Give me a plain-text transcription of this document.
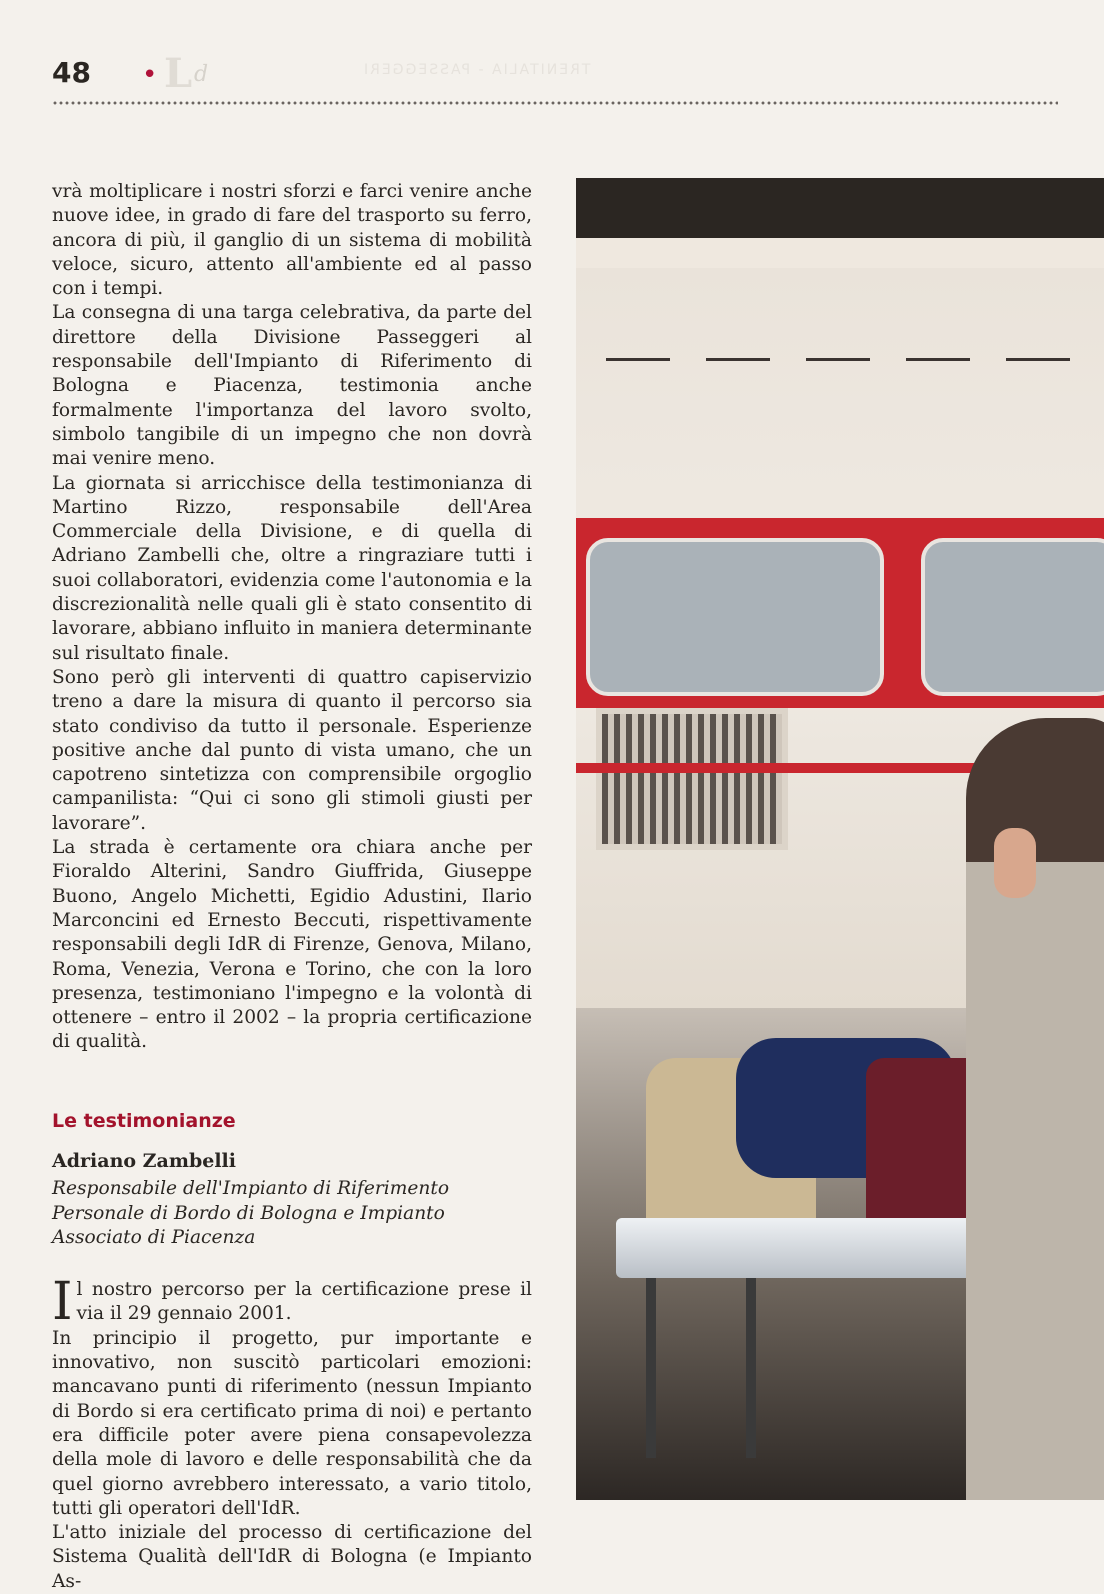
48 • L d	TRENITALIA - PASSEGGERI

vrà moltiplicare i nostri sforzi e farci venire anche nuove idee, in grado di fare del trasporto su ferro, ancora di più, il ganglio di un sistema di mobilità veloce, sicuro, attento all'ambiente ed al passo con i tempi.

La consegna di una targa celebrativa, da parte del direttore della Divisione Passeggeri al responsabile dell'Impianto di Riferimento di Bologna e Piacenza, testimonia anche formalmente l'importanza del lavoro svolto, simbolo tangibile di un impegno che non dovrà mai venire meno.

La giornata si arricchisce della testimonianza di Martino Rizzo, responsabile dell'Area Commerciale della Divisione, e di quella di Adriano Zambelli che, oltre a ringraziare tutti i suoi collaboratori, evidenzia come l'autonomia e la discrezionalità nelle quali gli è stato consentito di lavorare, abbiano influito in maniera determinante sul risultato finale.

Sono però gli interventi di quattro capiservizio treno a dare la misura di quanto il percorso sia stato condiviso da tutto il personale. Esperienze positive anche dal punto di vista umano, che un capotreno sintetizza con comprensibile orgoglio campanilista: “Qui ci sono gli stimoli giusti per lavorare”.

La strada è certamente ora chiara anche per Fioraldo Alterini, Sandro Giuffrida, Giuseppe Buono, Angelo Michetti, Egidio Adustini, Ilario Marconcini ed Ernesto Beccuti, rispettivamente responsabili degli IdR di Firenze, Genova, Milano, Roma, Venezia, Verona e Torino, che con la loro presenza, testimoniano l'impegno e la volontà di ottenere – entro il 2002 – la propria certificazione di qualità.

Le testimonianze
Adriano Zambelli
Responsabile dell'Impianto di Riferimento Personale di Bordo di Bologna e Impianto Associato di Piacenza

Il nostro percorso per la certificazione prese il via il 29 gennaio 2001.

In principio il progetto, pur importante e innovativo, non suscitò particolari emozioni: mancavano punti di riferimento (nessun Impianto di Bordo si era certificato prima di noi) e pertanto era difficile poter avere piena consapevolezza della mole di lavoro e delle responsabilità che da quel giorno avrebbero interessato, a vario titolo, tutti gli operatori dell'IdR.

L'atto iniziale del processo di certificazione del Sistema Qualità dell'IdR di Bologna (e Impianto As-
